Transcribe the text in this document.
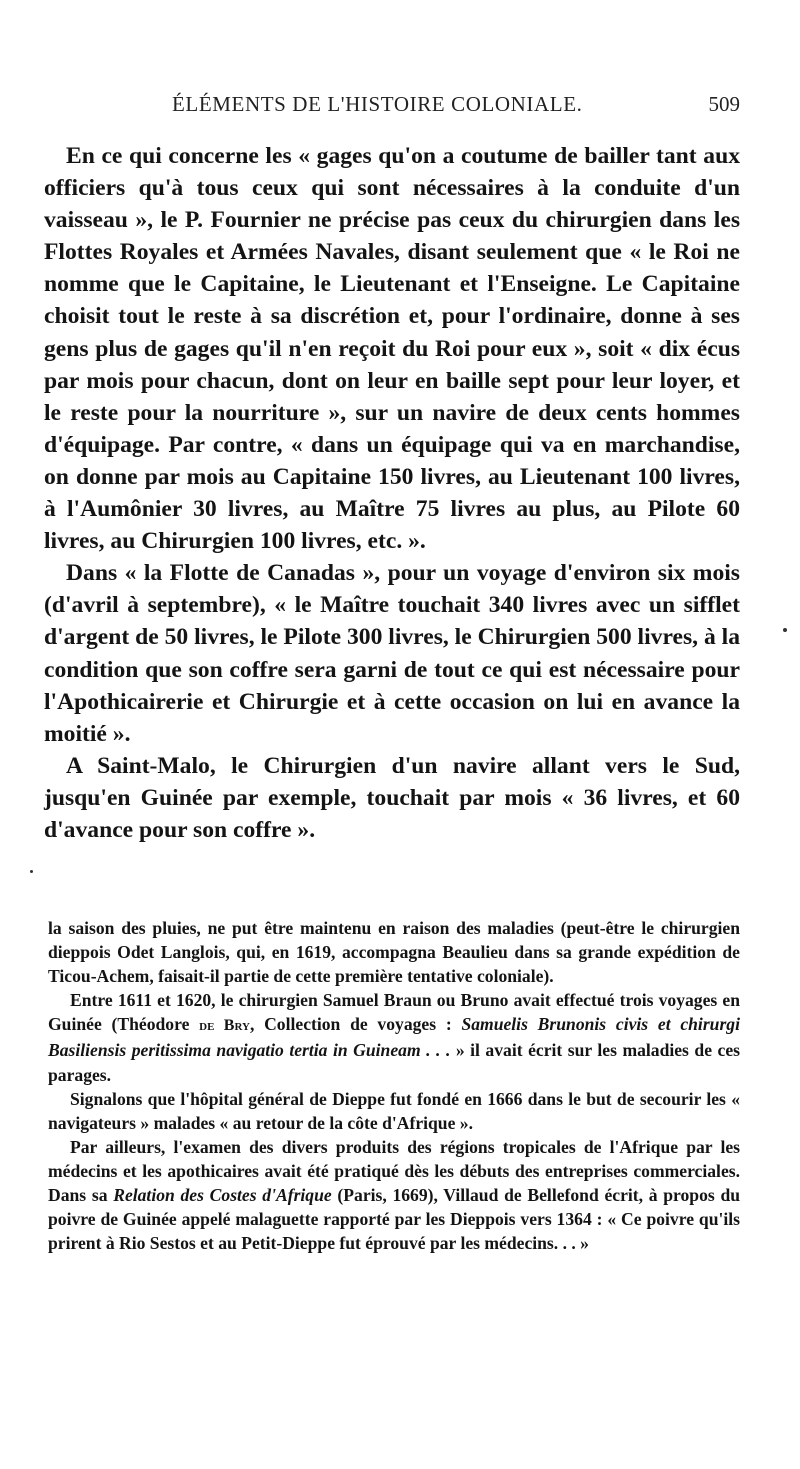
ÉLÉMENTS DE L'HISTOIRE COLONIALE.	509

En ce qui concerne les « gages qu'on a coutume de bailler tant aux officiers qu'à tous ceux qui sont nécessaires à la conduite d'un vaisseau », le P. Fournier ne précise pas ceux du chirurgien dans les Flottes Royales et Armées Navales, disant seulement que « le Roi ne nomme que le Capitaine, le Lieutenant et l'Enseigne. Le Capitaine choisit tout le reste à sa discrétion et, pour l'ordinaire, donne à ses gens plus de gages qu'il n'en reçoit du Roi pour eux », soit « dix écus par mois pour chacun, dont on leur en baille sept pour leur loyer, et le reste pour la nourriture », sur un navire de deux cents hommes d'équipage. Par contre, « dans un équipage qui va en marchandise, on donne par mois au Capitaine 150 livres, au Lieutenant 100 livres, à l'Aumônier 30 livres, au Maître 75 livres au plus, au Pilote 60 livres, au Chirurgien 100 livres, etc. ».

Dans « la Flotte de Canadas », pour un voyage d'environ six mois (d'avril à septembre), « le Maître touchait 340 livres avec un sifflet d'argent de 50 livres, le Pilote 300 livres, le Chirurgien 500 livres, à la condition que son coffre sera garni de tout ce qui est nécessaire pour l'Apothicairerie et Chirurgie et à cette occasion on lui en avance la moitié ».

A Saint-Malo, le Chirurgien d'un navire allant vers le Sud, jusqu'en Guinée par exemple, touchait par mois « 36 livres, et 60 d'avance pour son coffre ».

la saison des pluies, ne put être maintenu en raison des maladies (peut-être le chirurgien dieppois Odet Langlois, qui, en 1619, accompagna Beaulieu dans sa grande expédition de Ticou-Achem, faisait-il partie de cette première tentative coloniale).

Entre 1611 et 1620, le chirurgien Samuel Braun ou Bruno avait effectué trois voyages en Guinée (Théodore de Bry, Collection de voyages : Samuelis Brunonis civis et chirurgi Basiliensis peritissima navigatio tertia in Guineam . . . » il avait écrit sur les maladies de ces parages.

Signalons que l'hôpital général de Dieppe fut fondé en 1666 dans le but de secourir les « navigateurs » malades « au retour de la côte d'Afrique ».

Par ailleurs, l'examen des divers produits des régions tropicales de l'Afrique par les médecins et les apothicaires avait été pratiqué dès les débuts des entreprises commerciales. Dans sa Relation des Costes d'Afrique (Paris, 1669), Villaud de Bellefond écrit, à propos du poivre de Guinée appelé malaguette rapporté par les Dieppois vers 1364 : « Ce poivre qu'ils prirent à Rio Sestos et au Petit-Dieppe fut éprouvé par les médecins. . . »
